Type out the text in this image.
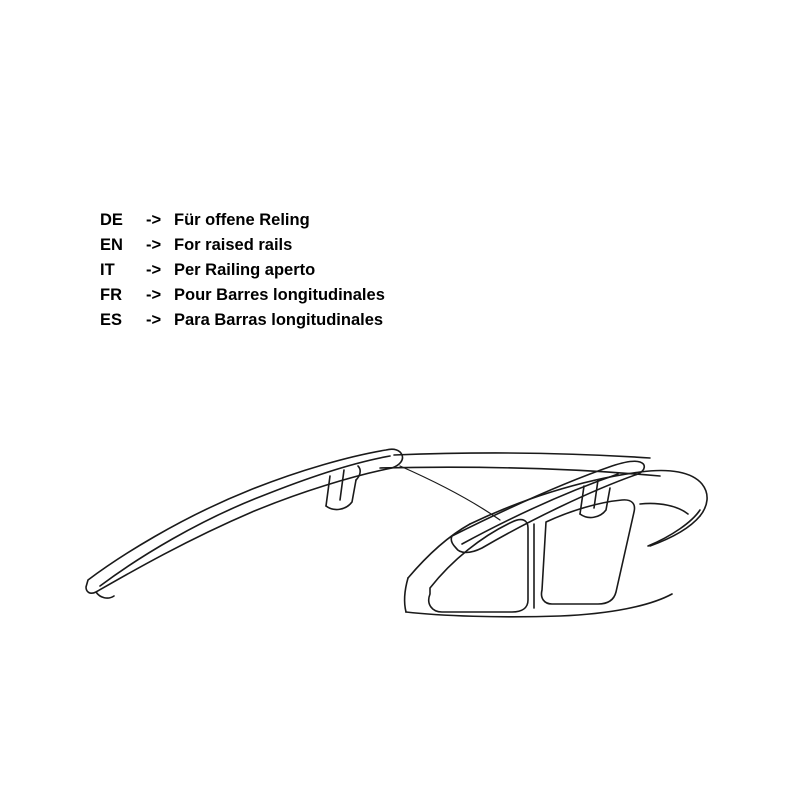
DE	-> Für offene Reling
EN	-> For raised rails
IT	-> Per Railing aperto
FR	-> Pour Barres longitudinales
ES	-> Para Barras longitudinales
